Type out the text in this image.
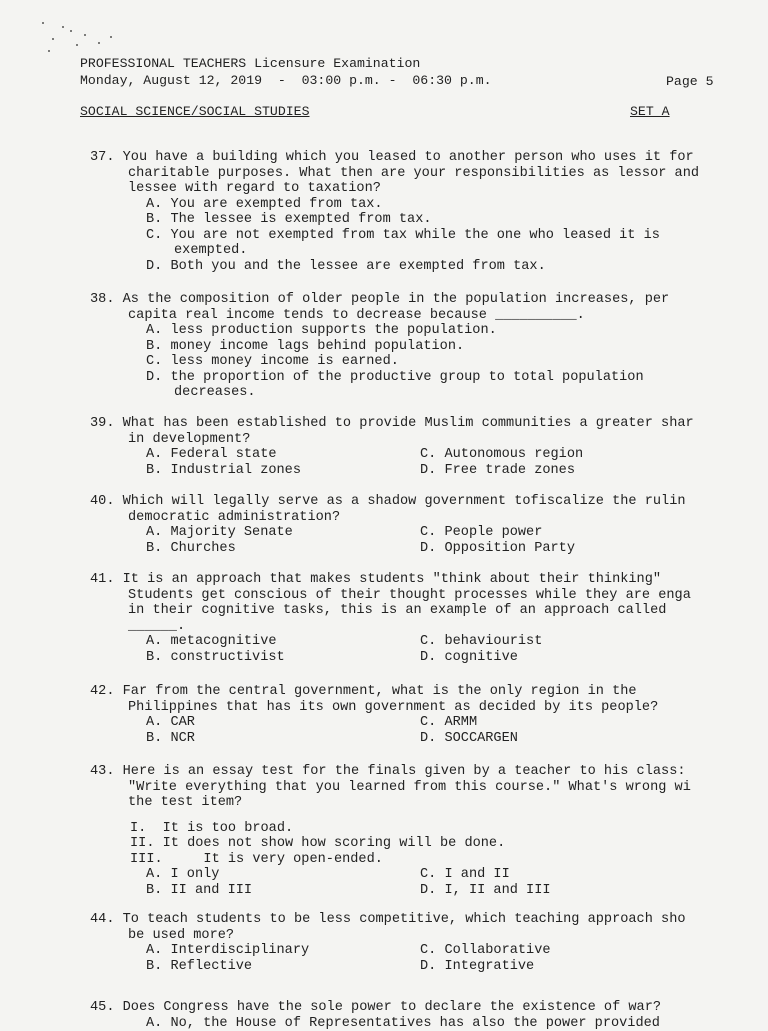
PROFESSIONAL TEACHERS Licensure Examination
Monday, August 12, 2019  -  03:00 p.m. -  06:30 p.m.	Page 5
SOCIAL SCIENCE/SOCIAL STUDIES	SET A
37. You have a building which you leased to another person who uses it for
charitable purposes. What then are your responsibilities as lessor and
lessee with regard to taxation?
A. You are exempted from tax.
B. The lessee is exempted from tax.
C. You are not exempted from tax while the one who leased it is
exempted.
D. Both you and the lessee are exempted from tax.
38. As the composition of older people in the population increases, per
capita real income tends to decrease because __________.
A. less production supports the population.
B. money income lags behind population.
C. less money income is earned.
D. the proportion of the productive group to total population
decreases.
39. What has been established to provide Muslim communities a greater shar
in development?
A. Federal state	C. Autonomous region
B. Industrial zones	D. Free trade zones
40. Which will legally serve as a shadow government tofiscalize the rulin
democratic administration?
A. Majority Senate	C. People power
B. Churches	D. Opposition Party
41. It is an approach that makes students "think about their thinking"
Students get conscious of their thought processes while they are enga
in their cognitive tasks, this is an example of an approach called
______.
A. metacognitive	C. behaviourist
B. constructivist	D. cognitive
42. Far from the central government, what is the only region in the
Philippines that has its own government as decided by its people?
A. CAR	C. ARMM
B. NCR	D. SOCCARGEN
43. Here is an essay test for the finals given by a teacher to his class:
"Write everything that you learned from this course." What's wrong wi
the test item?
I.  It is too broad.
II. It does not show how scoring will be done.
III.     It is very open-ended.
A. I only	C. I and II
B. II and III	D. I, II and III
44. To teach students to be less competitive, which teaching approach sho
be used more?
A. Interdisciplinary	C. Collaborative
B. Reflective	D. Integrative
45. Does Congress have the sole power to declare the existence of war?
A. No, the House of Representatives has also the power provided
